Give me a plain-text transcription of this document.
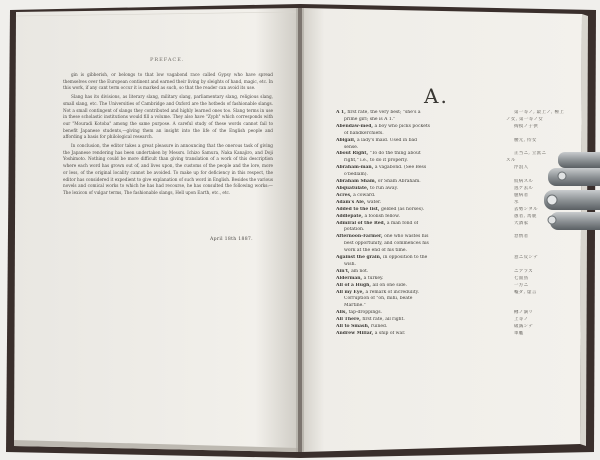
PREFACE.

gin is gibberish, or belongs to that low vagabond race called Gypsy who have spread themselves over the European continent and earned their living by sleights of hand, magic, etc. In this work, if any cant term occur it is marked as such, so that the reader can avoid its use.

Slang has its divisions, as literary slang, military slang, parliamentary slang, religious slang, small slang, etc. The Universities of Cambridge and Oxford are the hotbeds of fashionable slangs. Not a small contingent of slangs they contributed and highly learned ones too. Slang terms in use in these scholastic institutions would fill a volume. They also have "Zyph" which corresponds with our "Mouradi Kotoba" among the same purpose. A careful study of these words cannot fail to benefit Japanese students,—giving them an insight into the life of the English people and affording a basis for philological research.

In conclusion, the editor takes a great pleasure in announcing that the onerous task of giving the Japanese rendering has been undertaken by Messrs. Ichizo Samura, Naka Kanajiro, and Doji Yoshimoto. Nothing could be more difficult than giving translation of a work of this description where each word has grown out of, and lives upon, the customs of the people and the lore, more or less, of the original locality cannot be avoided. To make up for deficiency in this respect, the editor has considered it expedient to give explanation of such word in English. Besides the various novels and comical works to which he has had recourse, he has consulted the following works:—The lexicon of vulgar terms, The fashionable slangs, Hell upon Earth, etc., etc.

April 18th 1887.
A.
A 1, first rate, the very best; "she's a	第一等ノ, 最上ノ, 極上
prime girl; she is A 1."	ノ女, 第一等ノ女
Abendaw-med, a boy who picks pockets	掏摸ノ子供
of handkerchiefs.
Abigail, a lady's maid. Used in bad	腰元, 侍女
sense.
About Right, "To do the thing about	正当ニ, 立派ニ
right," i.e., to do it properly.	スル
Abraham-man, a vagabond. (See Bess	浮浪人
o'bedlam).
Abraham Sham, or Sham Abraham.	仮病スル
Abquatulate, to run away.	逃ゲ去ル
Acres, a coward.	臆病者
Adam's Ale, water.	水
Added to the list, gelded (as horses).	去勢シタル
Addlepate, a foolish fellow.	愚者, 馬鹿
Admiral of the Red, a man fond of	大酒家
potation.
Afternoon-Farmer, one who wastes his	怠惰者
best opportunity, and commences his
work at the end of his time.
Against the grain, in opposition to the	意ニ反シテ
wish.
Ain't, am not.	ニアラズ
Alderman, a turkey.	七面鳥
All of a Hugh, all on one side.	一方ニ
All my Eye, a remark of incredulity.	嘘ダ, 虚言
Corruption of "oh, mihi, beate
Martine."
Alls, tap-droppings.	樽ノ滴リ
All There, first rate, all right.	上等ノ
All to Smash, ruined.	破滅シテ
Andrew Millar, a ship of war.	軍艦
